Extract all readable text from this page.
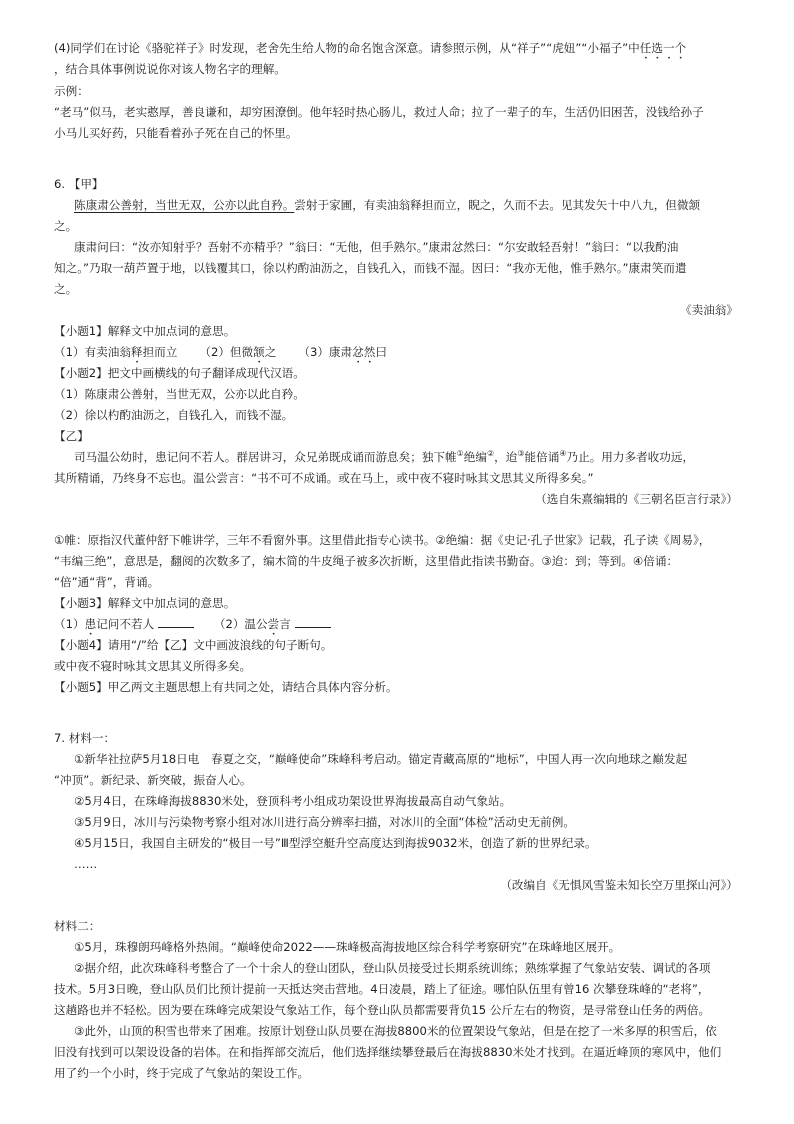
(4)同学们在讨论《骆驼祥子》时发现，老舍先生给人物的命名饱含深意。请参照示例，从“祥子”“虎妞”“小福子”中任选一个
，结合具体事例说说你对该人物名字的理解。
示例：
“老马”似马，老实憨厚，善良谦和，却穷困潦倒。他年轻时热心肠儿，救过人命；拉了一辈子的车，生活仍旧困苦，没钱给孙子
小马儿买好药，只能看着孙子死在自己的怀里。
6. 【甲】
陈康肃公善射，当世无双，公亦以此自矜。尝射于家圃，有卖油翁释担而立，睨之，久而不去。见其发矢十中八九，但微颔
之。
康肃问曰：“汝亦知射乎？吾射不亦精乎？”翁曰：“无他，但手熟尔。”康肃忿然曰：“尔安敢轻吾射！”翁曰：“以我酌油
知之。”乃取一葫芦置于地，以钱覆其口，徐以杓酌油沥之，自钱孔入，而钱不湿。因曰：“我亦无他，惟手熟尔。”康肃笑而遣
之。
《卖油翁》
【小题1】解释文中加点词的意思。
（1）有卖油翁释担而立 （2）但微颔之 （3）康肃忿然曰
【小题2】把文中画横线的句子翻译成现代汉语。
（1）陈康肃公善射，当世无双，公亦以此自矜。
（2）徐以杓酌油沥之，自钱孔入，而钱不湿。
【乙】
司马温公幼时，患记问不若人。群居讲习，众兄弟既成诵而游息矣；独下帷①绝编②，迨③能倍诵④乃止。用力多者收功远，
其所精诵，乃终身不忘也。温公尝言：“书不可不成诵。或在马上，或中夜不寝时咏其文思其义所得多矣。”
（选自朱熹编辑的《三朝名臣言行录》）
①帷：原指汉代董仲舒下帷讲学，三年不看窗外事。这里借此指专心读书。②绝编：据《史记·孔子世家》记载，孔子读《周易》，
“韦编三绝”，意思是，翻阅的次数多了，编木简的牛皮绳子被多次折断，这里借此指读书勤奋。③迨：到；等到。④倍诵：
“倍”通“背”，背诵。
【小题3】解释文中加点词的意思。
（1）患记问不若人	（2）温公尝言
【小题4】请用“/”给【乙】文中画波浪线的句子断句。
或中夜不寝时咏其文思其义所得多矣。
【小题5】甲乙两文主题思想上有共同之处，请结合具体内容分析。
7. 材料一：
①新华社拉萨5月18日电　春夏之交，“巅峰使命”珠峰科考启动。锚定青藏高原的“地标”，中国人再一次向地球之巅发起
“冲顶”。新纪录、新突破，振奋人心。
②5月4日，在珠峰海拔8830米处，登顶科考小组成功架设世界海拔最高自动气象站。
③5月9日，冰川与污染物考察小组对冰川进行高分辨率扫描，对冰川的全面“体检”活动史无前例。
④5月15日，我国自主研发的“极目一号”Ⅲ型浮空艇升空高度达到海拔9032米，创造了新的世界纪录。
……
（改编自《无惧风雪鉴未知长空万里探山河》）
材料二：
①5月，珠穆朗玛峰格外热闹。“巅峰使命2022——珠峰极高海拔地区综合科学考察研究”在珠峰地区展开。
②据介绍，此次珠峰科考整合了一个十余人的登山团队，登山队员接受过长期系统训练；熟练掌握了气象站安装、调试的各项
技术。5月3日晚，登山队员们比预计提前一天抵达突击营地。4日凌晨，踏上了征途。哪怕队伍里有曾16 次攀登珠峰的“老将”，
这趟路也并不轻松。因为要在珠峰完成架设气象站工作，每个登山队员都需要背负15 公斤左右的物资，是寻常登山任务的两倍。
③此外，山顶的积雪也带来了困难。按原计划登山队员要在海拔8800米的位置架设气象站，但是在挖了一米多厚的积雪后，依
旧没有找到可以架设设备的岩体。在和指挥部交流后，他们选择继续攀登最后在海拔8830米处才找到。在逼近峰顶的寒风中，他们
用了约一个小时，终于完成了气象站的架设工作。
